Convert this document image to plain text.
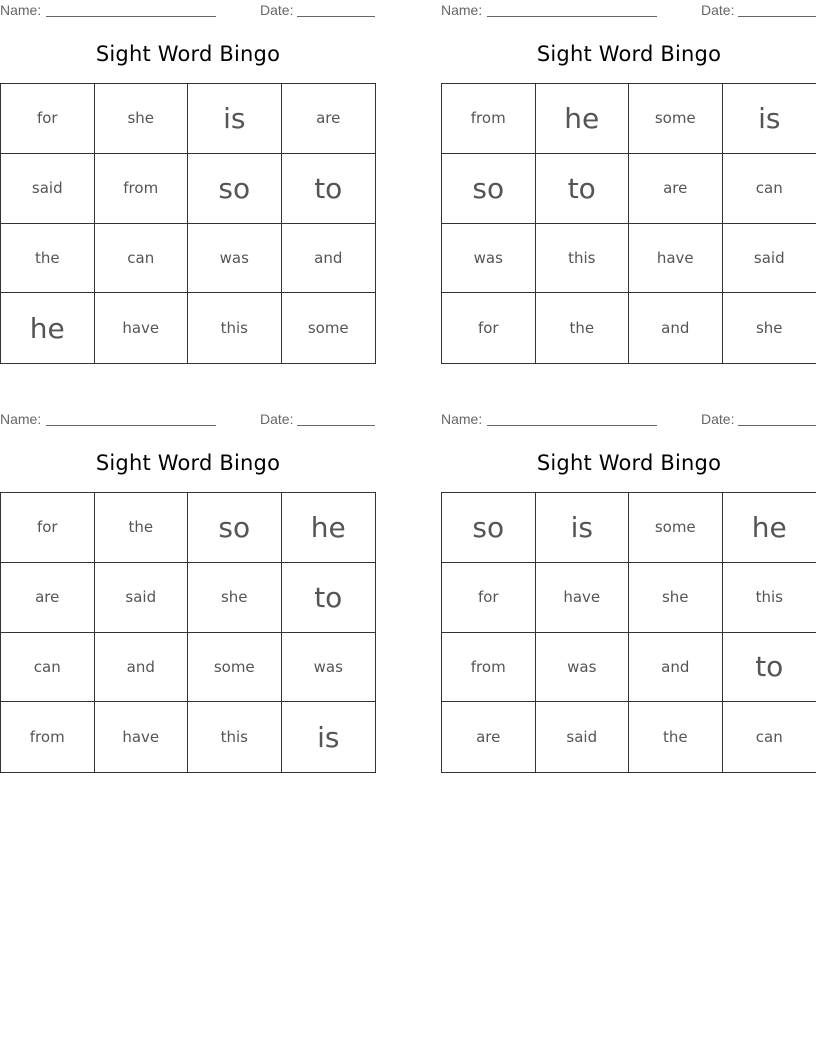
Name:	Date:
Sight Word Bingo
for	she	is	are
said	from	so	to
the	can	was	and
he	have	this	some
Name:	Date:
Sight Word Bingo
from	he	some	is
so	to	are	can
was	this	have	said
for	the	and	she
Name:	Date:
Sight Word Bingo
for	the	so	he
are	said	she	to
can	and	some	was
from	have	this	is
Name:	Date:
Sight Word Bingo
so	is	some	he
for	have	she	this
from	was	and	to
are	said	the	can
